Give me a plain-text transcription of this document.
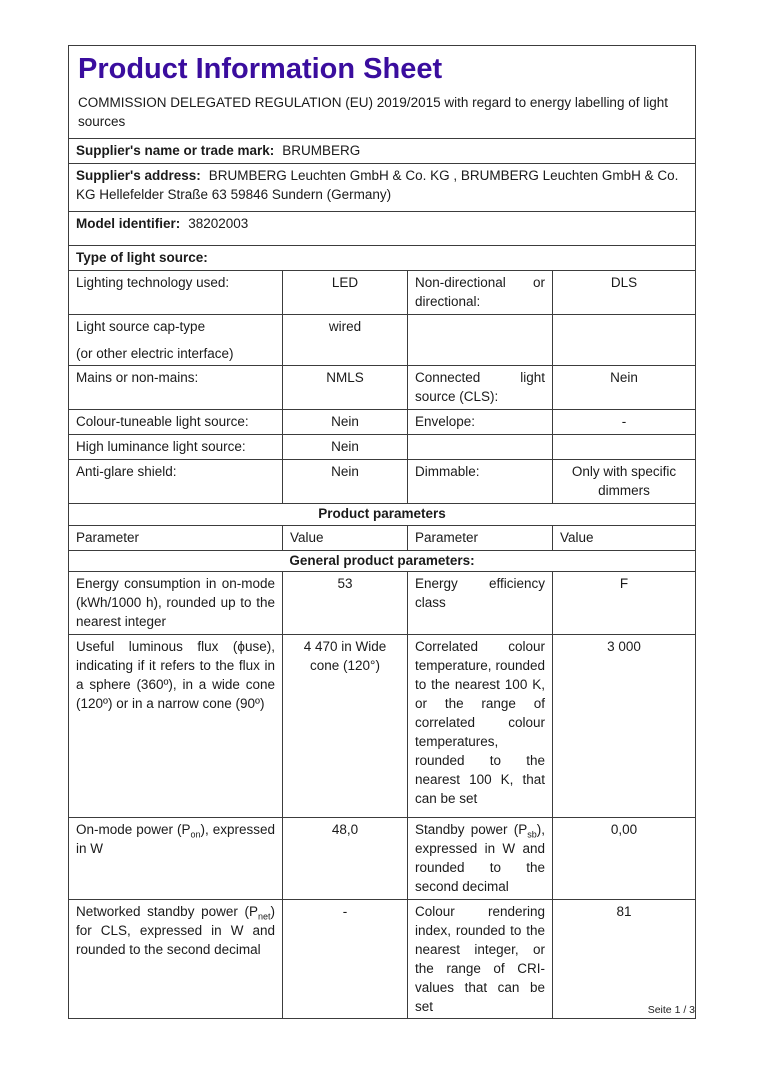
Product Information Sheet
COMMISSION DELEGATED REGULATION (EU) 2019/2015 with regard to energy labelling of light sources			

Supplier's name or trade mark: BRUMBERG			
Supplier's address: BRUMBERG Leuchten GmbH & Co. KG , BRUMBERG Leuchten GmbH & Co. KG Hellefelder Straße 63 59846 Sundern (Germany)			
Model identifier: 38202003			
Type of light source:			
Lighting technology used:	LED	Non-directional or directional:	DLS

Light source cap-type
(or other electric interface)	wired		
Mains or non-mains:	NMLS	Connected light source (CLS):	Nein
Colour-tuneable light source:	Nein	Envelope:	-
High luminance light source:	Nein		
Anti-glare shield:	Nein	Dimmable:	Only with specific dimmers
Product parameters			
Parameter	Value	Parameter	Value
General product parameters:			
Energy consumption in on-mode (kWh/1000 h), rounded up to the nearest integer	53	Energy efficiency class	F
Useful luminous flux (ϕuse), indicating if it refers to the flux in a sphere (360º), in a wide cone (120º) or in a narrow cone (90º)	4 470 in Wide cone (120°)	Correlated colour temperature, rounded to the nearest 100 K, or the range of correlated colour temperatures, rounded to the nearest 100 K, that can be set	3 000
On-mode power $(P_{on})$, expressed in W	48,0	Standby power $(P_{sb})$, expressed in W and rounded to the second decimal	0,00
Networked standby power $(P_{net})$ for CLS, expressed in W and rounded to the second decimal	-	Colour rendering index, rounded to the nearest integer, or the range of CRI-values that can be set	81
Seite 1 / 3
